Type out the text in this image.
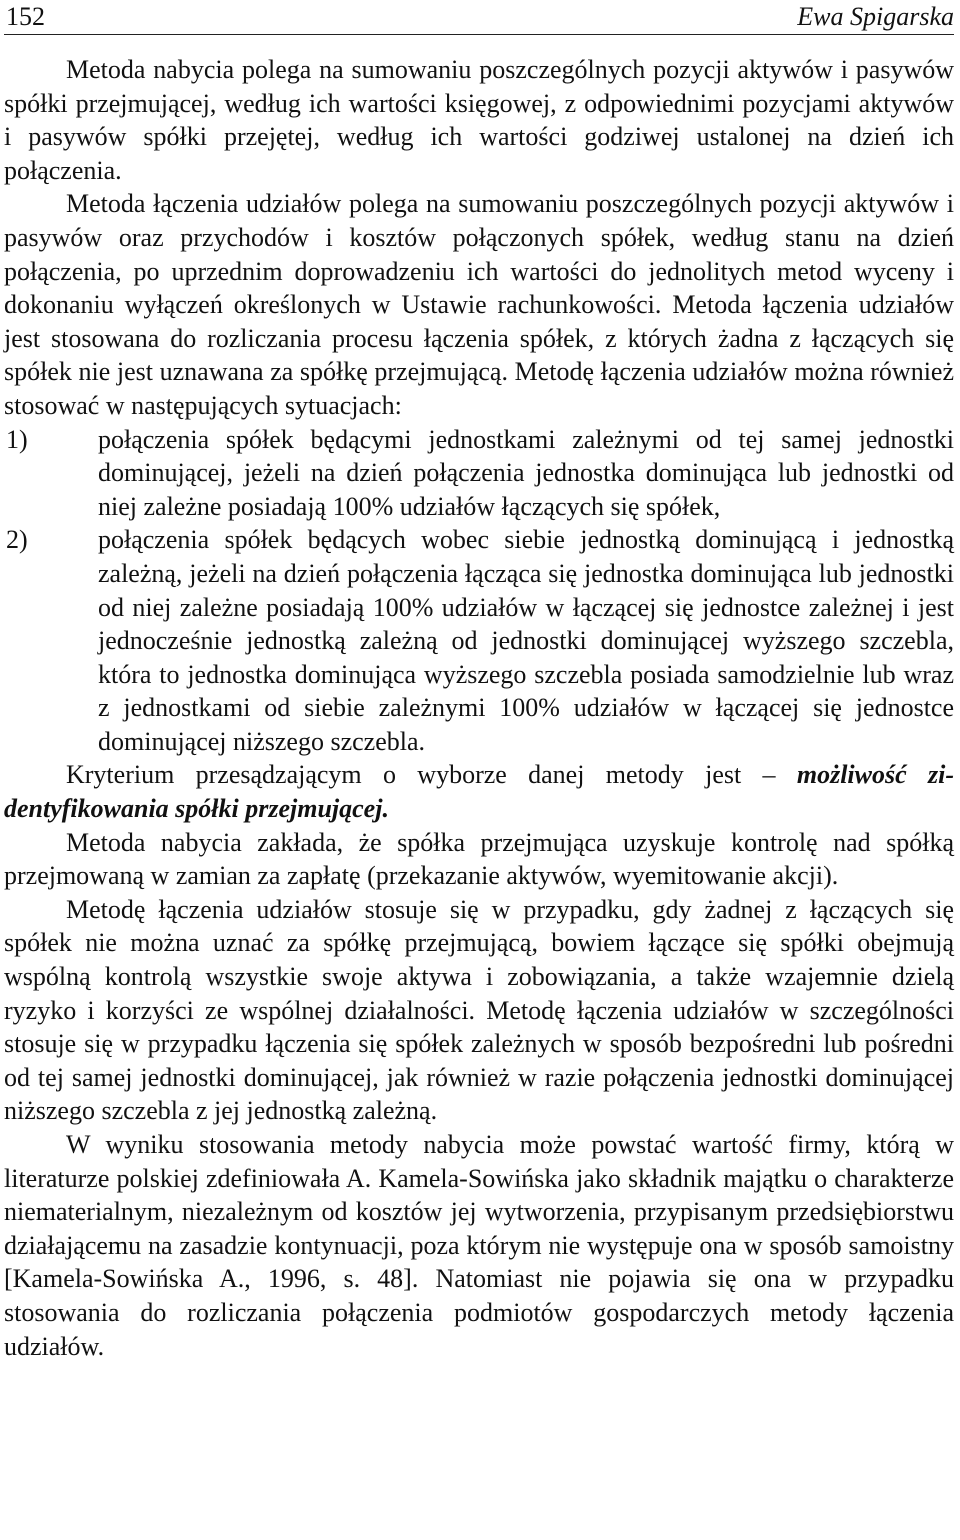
152	Ewa Spigarska

Metoda nabycia polega na sumowaniu poszczególnych pozycji aktywów i pasywów spółki przejmującej, według ich wartości księgowej, z odpowiednimi pozycjami aktywów i pasywów spółki przejętej, według ich wartości godziwej ustalonej na dzień ich połączenia.

Metoda łączenia udziałów polega na sumowaniu poszczególnych pozycji aktywów i pasywów oraz przychodów i kosztów połączonych spółek, według stanu na dzień połączenia, po uprzednim doprowadzeniu ich wartości do jednolitych metod wyceny i dokonaniu wyłączeń określonych w Ustawie rachunkowości. Metoda łączenia udziałów jest stosowana do rozliczania procesu łączenia spółek, z których żadna z łączących się spółek nie jest uznawana za spółkę przejmującą. Metodę łączenia udziałów można również stosować w następujących sytuacjach:

1)	połączenia spółek będącymi jednostkami zależnymi od tej samej jednostki dominującej, jeżeli na dzień połączenia jednostka dominująca lub jednostki od niej zależne posiadają 100% udziałów łączących się spółek,
2)	połączenia spółek będących wobec siebie jednostką dominującą i jednostką zależną, jeżeli na dzień połączenia łącząca się jednostka dominująca lub jednostki od niej zależne posiadają 100% udziałów w łączącej się jednostce zależnej i jest jednocześnie jednostką zależną od jednostki dominującej wyższego szczebla, która to jednostka dominująca wyższego szczebla posiada samodzielnie lub wraz z jednostkami od siebie zależnymi 100% udziałów w łączącej się jednostce dominującej niższego szczebla.

Kryterium przesądzającym o wyborze danej metody jest – możliwość zidentyfikowania spółki przejmującej.

Metoda nabycia zakłada, że spółka przejmująca uzyskuje kontrolę nad spółką przejmowaną w zamian za zapłatę (przekazanie aktywów, wyemitowanie akcji).

Metodę łączenia udziałów stosuje się w przypadku, gdy żadnej z łączących się spółek nie można uznać za spółkę przejmującą, bowiem łączące się spółki obejmują wspólną kontrolą wszystkie swoje aktywa i zobowiązania, a także wzajemnie dzielą ryzyko i korzyści ze wspólnej działalności. Metodę łączenia udziałów w szczególności stosuje się w przypadku łączenia się spółek zależnych w sposób bezpośredni lub pośredni od tej samej jednostki dominującej, jak również w razie połączenia jednostki dominującej niższego szczebla z jej jednostką zależną.

W wyniku stosowania metody nabycia może powstać wartość firmy, którą w literaturze polskiej zdefiniowała A. Kamela-Sowińska jako składnik majątku o charakterze niematerialnym, niezależnym od kosztów jej wytworzenia, przypisanym przedsiębiorstwu działającemu na zasadzie kontynuacji, poza którym nie występuje ona w sposób samoistny [Kamela-Sowińska A., 1996, s. 48]. Natomiast nie pojawia się ona w przypadku stosowania do rozliczania połączenia podmiotów gospodarczych metody łączenia udziałów.
